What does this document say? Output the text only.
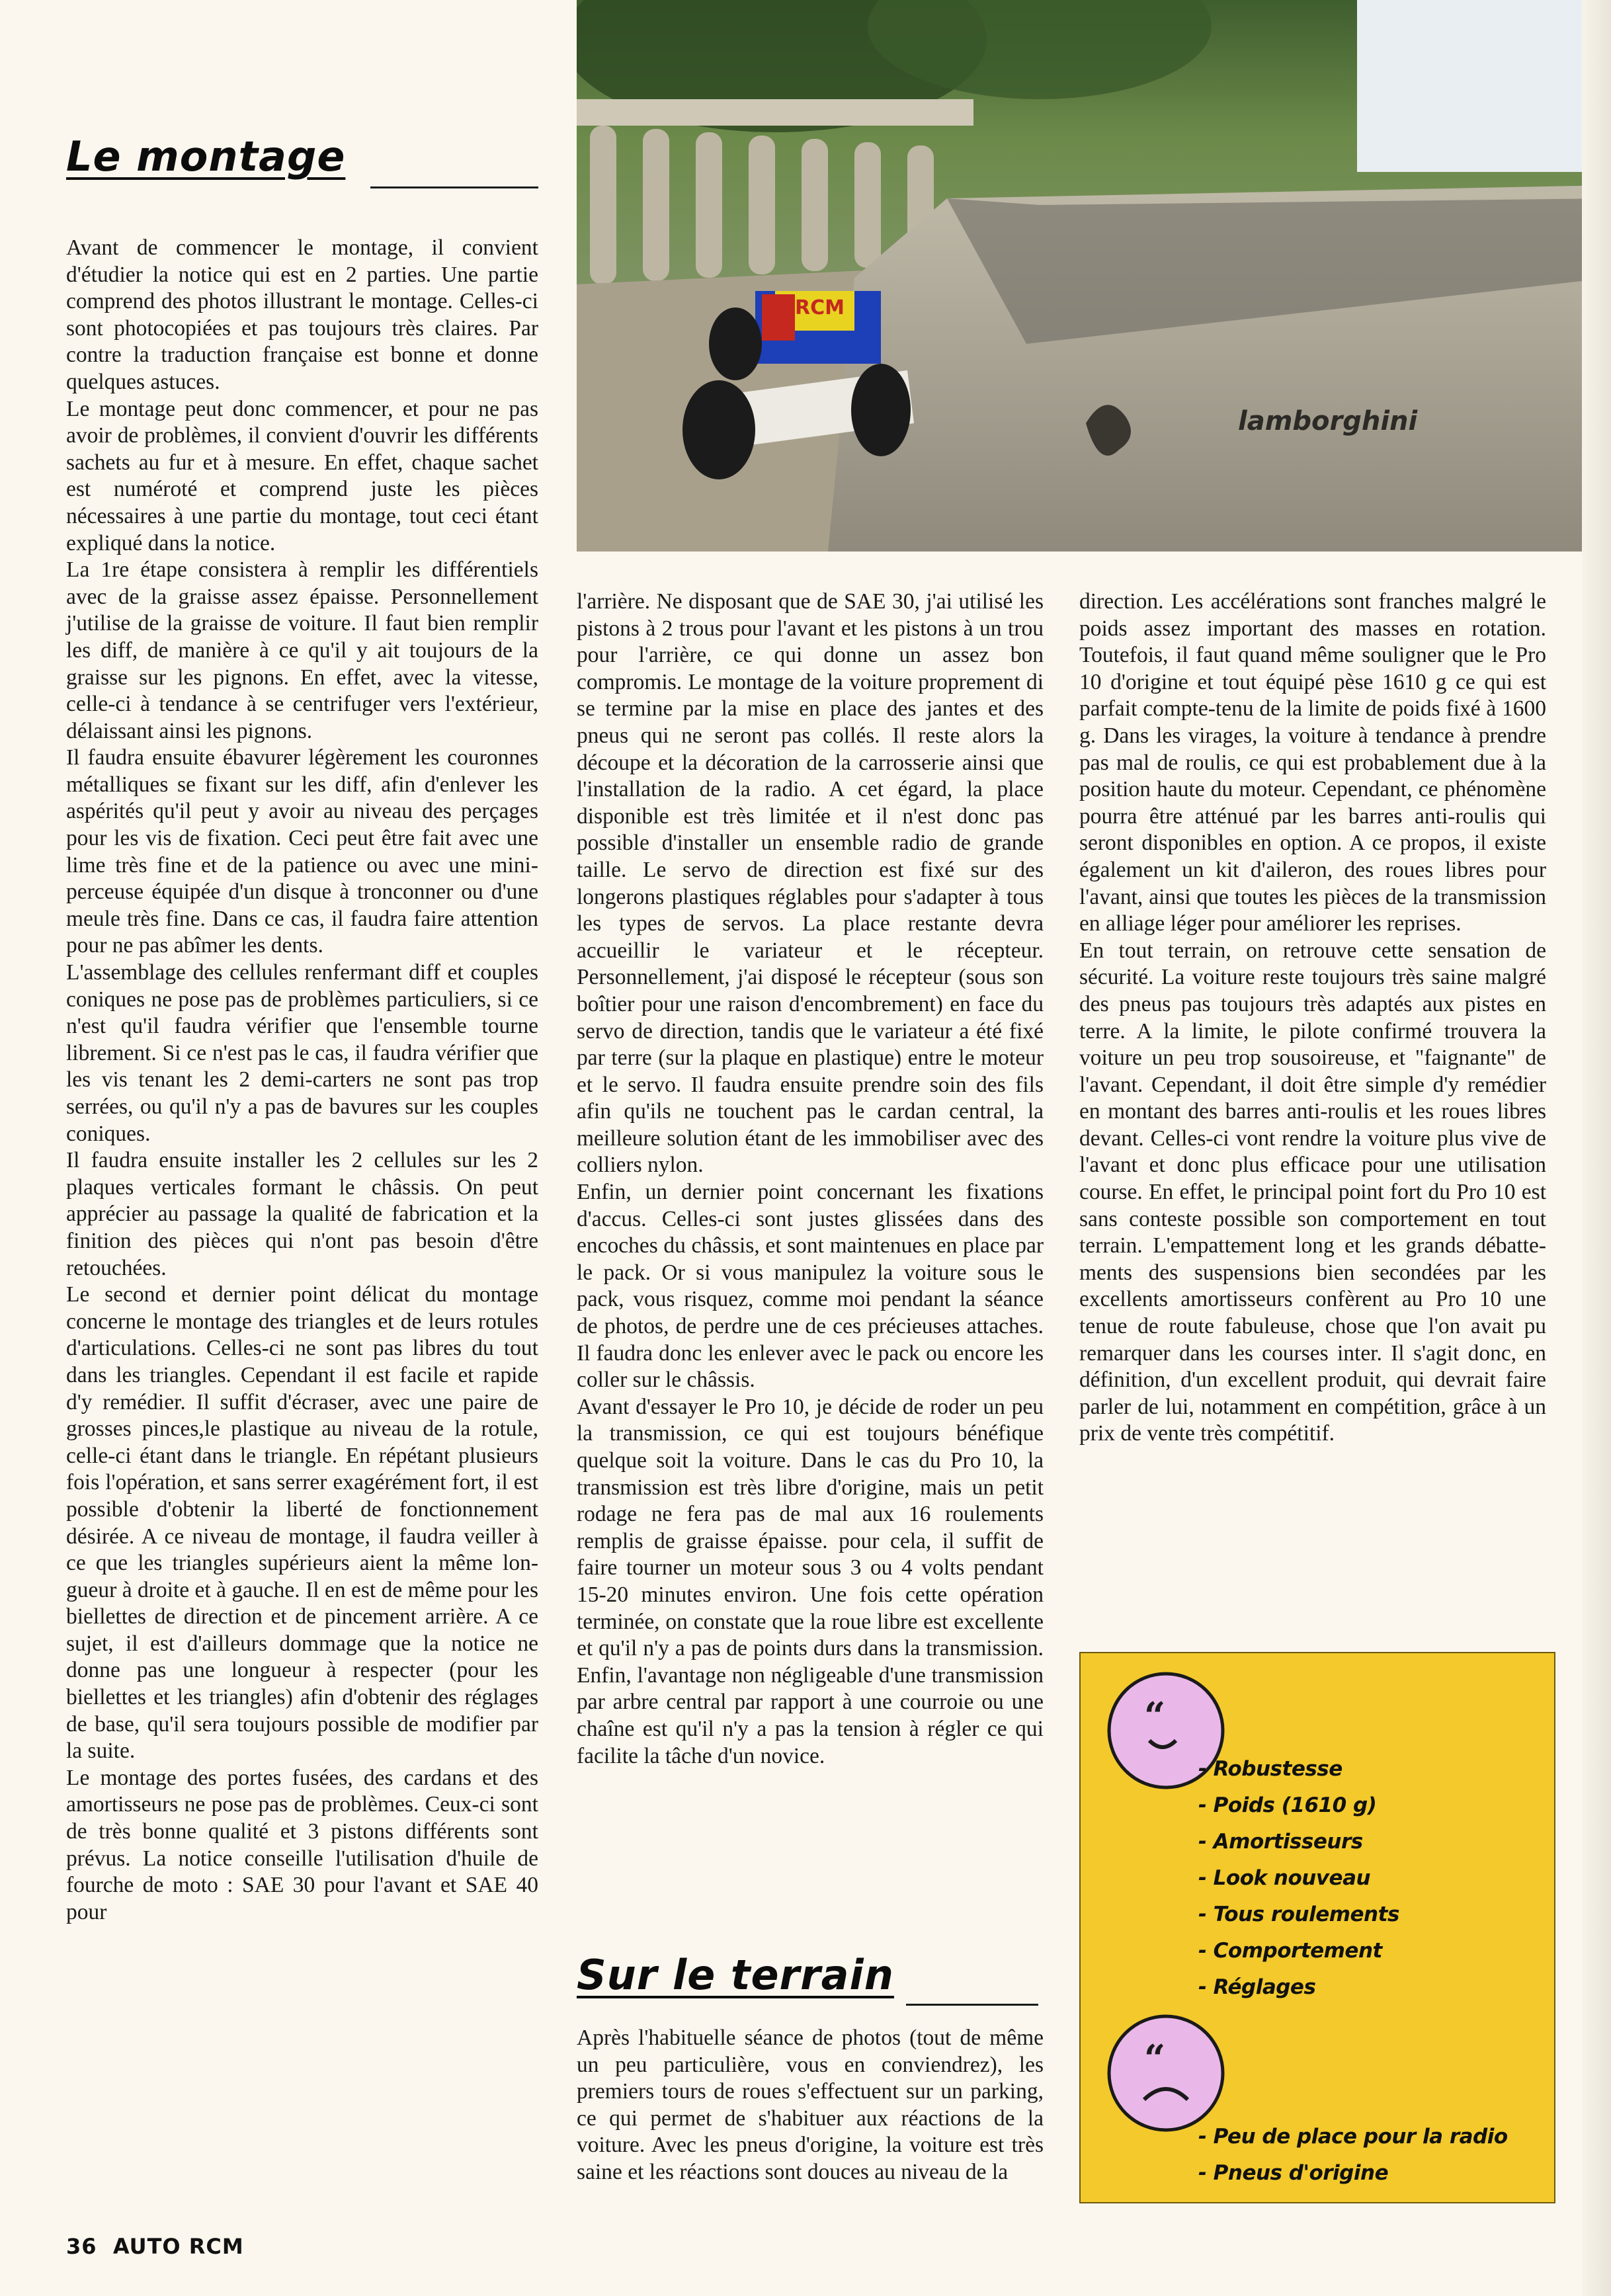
Le montage

Avant de commencer le montage, il convient d'étudier la notice qui est en 2 parties. Une partie comprend des photos illustrant le montage. Celles-ci sont photocopiées et pas toujours très claires. Par contre la traduction française est bonne et donne quelques astuces.

Le montage peut donc commencer, et pour ne pas avoir de problèmes, il convient d'ouvrir les différents sachets au fur et à mesure. En effet, chaque sachet est numéroté et comprend juste les pièces nécessaires à une partie du montage, tout ceci étant expliqué dans la notice.

La 1re étape consistera à remplir les différentiels avec de la graisse assez épaisse. Personnellement j'utilise de la graisse de voiture. Il faut bien remplir les diff, de manière à ce qu'il y ait toujours de la graisse sur les pignons. En effet, avec la vitesse, celle-ci à tendance à se centrifuger vers l'extérieur, délaissant ainsi les pignons.

Il faudra ensuite ébavurer légèrement les couronnes métalliques se fixant sur les diff, afin d'enlever les aspérités qu'il peut y avoir au niveau des perçages pour les vis de fixation. Ceci peut être fait avec une lime très fine et de la patience ou avec une miniperceuse équipée d'un disque à tronconner ou d'une meule très fine. Dans ce cas, il faudra faire attention pour ne pas abîmer les dents.

L'assemblage des cellules renfermant diff et couples coniques ne pose pas de problèmes particuliers, si ce n'est qu'il faudra vérifier que l'ensemble tourne librement. Si ce n'est pas le cas, il faudra vérifier que les vis tenant les 2 demi-carters ne sont pas trop serrées, ou qu'il n'y a pas de bavures sur les couples coniques.

Il faudra ensuite installer les 2 cellules sur les 2 plaques verticales formant le châssis. On peut apprécier au passage la qualité de fabrication et la finition des pièces qui n'ont pas besoin d'être retouchées.

Le second et dernier point délicat du montage concerne le montage des triangles et de leurs rotules d'articulations. Celles-ci ne sont pas libres du tout dans les triangles. Cependant il est facile et rapide d'y remédier. Il suffit d'écraser, avec une paire de grosses pinces,le plastique au niveau de la rotule, celle-ci étant dans le triangle. En répétant plusieurs fois l'opération, et sans serrer exagérément fort, il est possible d'obtenir la liberté de fonctionnement désirée. A ce niveau de montage, il faudra veiller à ce que les triangles supérieurs aient la même longueur à droite et à gauche. Il en est de même pour les biellettes de direction et de pincement arrière. A ce sujet, il est d'ailleurs dommage que la notice ne donne pas une longueur à respecter (pour les biellettes et les triangles) afin d'obtenir des réglages de base, qu'il sera toujours possible de modifier par la suite.

Le montage des portes fusées, des cardans et des amortisseurs ne pose pas de problèmes. Ceux-ci sont de très bonne qualité et 3 pistons différents sont prévus. La notice conseille l'utilisation d'huile de fourche de moto : SAE 30 pour l'avant et SAE 40 pour

RCM
lamborghini

l'arrière. Ne disposant que de SAE 30, j'ai utilisé les pistons à 2 trous pour l'avant et les pistons à un trou pour l'arrière, ce qui donne un assez bon compromis. Le montage de la voiture proprement di se termine par la mise en place des jantes et des pneus qui ne seront pas collés. Il reste alors la découpe et la décoration de la carrosserie ainsi que l'installation de la radio. A cet égard, la place disponible est très limitée et il n'est donc pas possible d'installer un ensemble radio de grande taille. Le servo de direction est fixé sur des longerons plastiques réglables pour s'adapter à tous les types de servos. La place restante devra accueillir le variateur et le récepteur. Personnellement, j'ai disposé le récepteur (sous son boîtier pour une raison d'encombrement) en face du servo de direction, tandis que le variateur a été fixé par terre (sur la plaque en plastique) entre le moteur et le servo. Il faudra ensuite prendre soin des fils afin qu'ils ne touchent pas le cardan central, la meilleure solution étant de les immobiliser avec des colliers nylon.

Enfin, un dernier point concernant les fixations d'accus. Celles-ci sont justes glissées dans des encoches du châssis, et sont maintenues en place par le pack. Or si vous manipulez la voiture sous le pack, vous risquez, comme moi pendant la séance de photos, de perdre une de ces précieuses attaches. Il faudra donc les enlever avec le pack ou encore les coller sur le châssis.

Avant d'essayer le Pro 10, je décide de roder un peu la transmission, ce qui est toujours bénéfique quelque soit la voiture. Dans le cas du Pro 10, la transmission est très libre d'origine, mais un petit rodage ne fera pas de mal aux 16 roulements remplis de graisse épaisse. pour cela, il suffit de faire tourner un moteur sous 3 ou 4 volts pendant 15-20 minutes environ. Une fois cette opération terminée, on constate que la roue libre est excellente et qu'il n'y a pas de points durs dans la transmission. Enfin, l'avantage non négligeable d'une transmission par arbre central par rapport à une courroie ou une chaîne est qu'il n'y a pas la tension à régler ce qui facilite la tâche d'un novice.

Sur le terrain

Après l'habituelle séance de photos (tout de même un peu particulière, vous en conviendrez), les premiers tours de roues s'effectuent sur un parking, ce qui permet de s'habituer aux réactions de la voiture. Avec les pneus d'origine, la voiture est très saine et les réactions sont douces au niveau de la

direction. Les accélérations sont franches malgré le poids assez important des masses en rotation. Toutefois, il faut quand même souligner que le Pro 10 d'origine et tout équipé pèse 1610 g ce qui est parfait compte-tenu de la limite de poids fixé à 1600 g. Dans les virages, la voiture à tendance à prendre pas mal de roulis, ce qui est probablement due à la position haute du moteur. Cependant, ce phénomène pourra être atténué par les barres anti-roulis qui seront disponibles en option. A ce propos, il existe également un kit d'aileron, des roues libres pour l'avant, ainsi que toutes les pièces de la transmission en alliage léger pour améliorer les reprises.

En tout terrain, on retrouve cette sensation de sécurité. La voiture reste toujours très saine malgré des pneus pas toujours très adaptés aux pistes en terre. A la limite, le pilote confirmé trouvera la voiture un peu trop sousoireuse, et "faignante" de l'avant. Cependant, il doit être simple d'y remédier en montant des barres anti-roulis et les roues libres devant. Celles-ci vont rendre la voiture plus vive de l'avant et donc plus efficace pour une utilisation course. En effet, le principal point fort du Pro 10 est sans conteste possible son comportement en tout terrain. L'empattement long et les grands débattements des suspensions bien secondées par les excellents amortisseurs confèrent au Pro 10 une tenue de route fabuleuse, chose que l'on avait pu remarquer dans les courses inter. Il s'agit donc, en définition, d'un excellent produit, qui devrait faire parler de lui, notamment en compétition, grâce à un prix de vente très compétitif.

“
- Robustesse
- Poids (1610 g)
- Amortisseurs
- Look nouveau
- Tous roulements
- Comportement
- Réglages
“
- Peu de place pour la radio
- Pneus d'origine
36 AUTO RCM
